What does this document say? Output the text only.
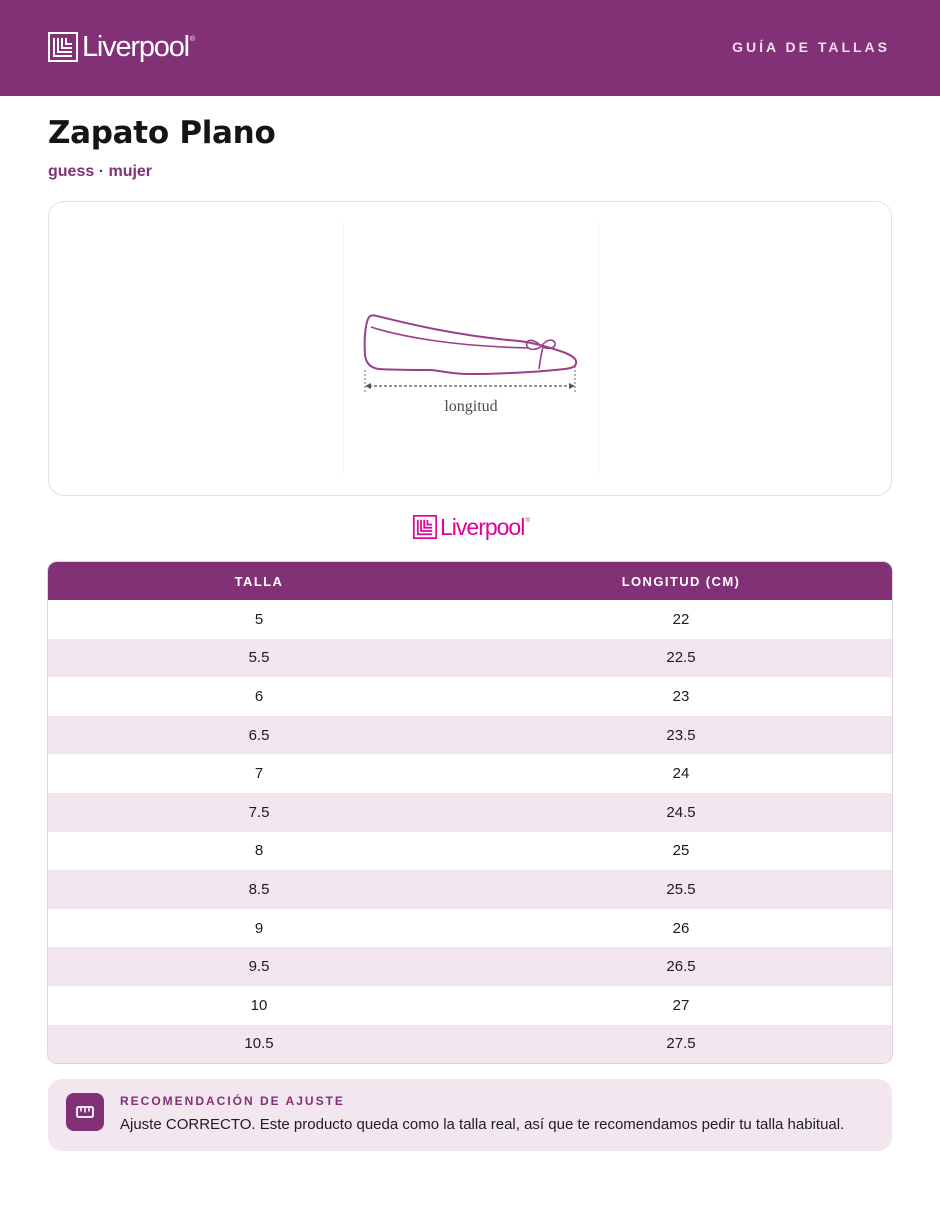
Liverpool ®	GUÍA DE TALLAS
Zapato Plano
guess · mujer
longitud
Liverpool ®
TALLA	LONGITUD (CM)
5	22
5.5	22.5
6	23
6.5	23.5
7	24
7.5	24.5
8	25
8.5	25.5
9	26
9.5	26.5
10	27
10.5	27.5
RECOMENDACIÓN DE AJUSTE
Ajuste CORRECTO. Este producto queda como la talla real, así que te recomendamos pedir tu talla habitual.
